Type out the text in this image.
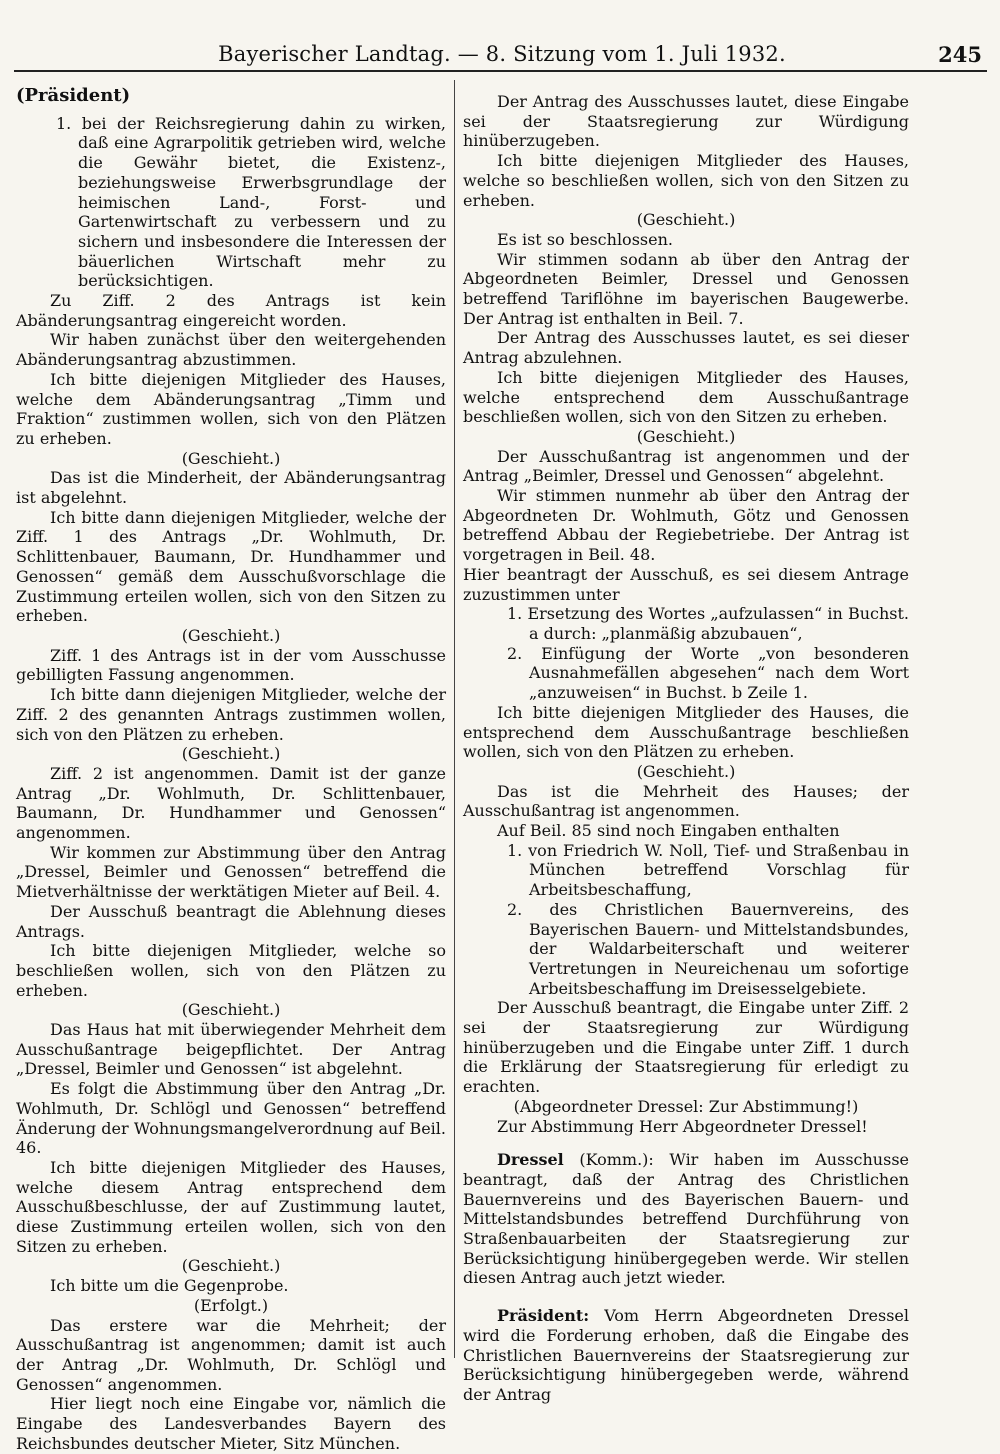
Bayerischer Landtag. — 8. Sitzung vom 1. Juli 1932.	245

(Präsident)

1. bei der Reichsregierung dahin zu wirken, daß eine Agrarpolitik getrieben wird, welche die Gewähr bietet, die Existenz-, beziehungsweise Erwerbsgrundlage der heimischen Land-, Forst- und Gartenwirtschaft zu verbessern und zu sichern und insbesondere die Interessen der bäuerlichen Wirtschaft mehr zu berücksichtigen.

Zu Ziff. 2 des Antrags ist kein Abänderungsantrag eingereicht worden.

Wir haben zunächst über den weitergehenden Abänderungsantrag abzustimmen.

Ich bitte diejenigen Mitglieder des Hauses, welche dem Abänderungsantrag „Timm und Fraktion“ zustimmen wollen, sich von den Plätzen zu erheben.

(Geschieht.)

Das ist die Minderheit, der Abänderungsantrag ist abgelehnt.

Ich bitte dann diejenigen Mitglieder, welche der Ziff. 1 des Antrags „Dr. Wohlmuth, Dr. Schlittenbauer, Baumann, Dr. Hundhammer und Genossen“ gemäß dem Ausschußvorschlage die Zustimmung erteilen wollen, sich von den Sitzen zu erheben.

(Geschieht.)

Ziff. 1 des Antrags ist in der vom Ausschusse gebilligten Fassung angenommen.

Ich bitte dann diejenigen Mitglieder, welche der Ziff. 2 des genannten Antrags zustimmen wollen, sich von den Plätzen zu erheben.

(Geschieht.)

Ziff. 2 ist angenommen. Damit ist der ganze Antrag „Dr. Wohlmuth, Dr. Schlittenbauer, Baumann, Dr. Hundhammer und Genossen“ angenommen.

Wir kommen zur Abstimmung über den Antrag „Dressel, Beimler und Genossen“ betreffend die Mietverhältnisse der werktätigen Mieter auf Beil. 4.

Der Ausschuß beantragt die Ablehnung dieses Antrags.

Ich bitte diejenigen Mitglieder, welche so beschließen wollen, sich von den Plätzen zu erheben.

(Geschieht.)

Das Haus hat mit überwiegender Mehrheit dem Ausschußantrage beigepflichtet. Der Antrag „Dressel, Beimler und Genossen“ ist abgelehnt.

Es folgt die Abstimmung über den Antrag „Dr. Wohlmuth, Dr. Schlögl und Genossen“ betreffend Änderung der Wohnungsmangelverordnung auf Beil. 46.

Ich bitte diejenigen Mitglieder des Hauses, welche diesem Antrag entsprechend dem Ausschußbeschlusse, der auf Zustimmung lautet, diese Zustimmung erteilen wollen, sich von den Sitzen zu erheben.

(Geschieht.)

Ich bitte um die Gegenprobe.

(Erfolgt.)

Das erstere war die Mehrheit; der Ausschußantrag ist angenommen; damit ist auch der Antrag „Dr. Wohlmuth, Dr. Schlögl und Genossen“ angenommen.

Hier liegt noch eine Eingabe vor, nämlich die Eingabe des Landesverbandes Bayern des Reichsbundes deutscher Mieter, Sitz München.

Der Antrag des Ausschusses lautet, diese Eingabe sei der Staatsregierung zur Würdigung hinüberzugeben.

Ich bitte diejenigen Mitglieder des Hauses, welche so beschließen wollen, sich von den Sitzen zu erheben.

(Geschieht.)

Es ist so beschlossen.

Wir stimmen sodann ab über den Antrag der Abgeordneten Beimler, Dressel und Genossen betreffend Tariflöhne im bayerischen Baugewerbe. Der Antrag ist enthalten in Beil. 7.

Der Antrag des Ausschusses lautet, es sei dieser Antrag abzulehnen.

Ich bitte diejenigen Mitglieder des Hauses, welche entsprechend dem Ausschußantrage beschließen wollen, sich von den Sitzen zu erheben.

(Geschieht.)

Der Ausschußantrag ist angenommen und der Antrag „Beimler, Dressel und Genossen“ abgelehnt.

Wir stimmen nunmehr ab über den Antrag der Abgeordneten Dr. Wohlmuth, Götz und Genossen betreffend Abbau der Regiebetriebe. Der Antrag ist vorgetragen in Beil. 48.

Hier beantragt der Ausschuß, es sei diesem Antrage zuzustimmen unter

1. Ersetzung des Wortes „aufzulassen“ in Buchst. a durch: „planmäßig abzubauen“,
2. Einfügung der Worte „von besonderen Ausnahmefällen abgesehen“ nach dem Wort „anzuweisen“ in Buchst. b Zeile 1.

Ich bitte diejenigen Mitglieder des Hauses, die entsprechend dem Ausschußantrage beschließen wollen, sich von den Plätzen zu erheben.

(Geschieht.)

Das ist die Mehrheit des Hauses; der Ausschußantrag ist angenommen.

Auf Beil. 85 sind noch Eingaben enthalten

1. von Friedrich W. Noll, Tief- und Straßenbau in München betreffend Vorschlag für Arbeitsbeschaffung,
2. des Christlichen Bauernvereins, des Bayerischen Bauern- und Mittelstandsbundes, der Waldarbeiterschaft und weiterer Vertretungen in Neureichenau um sofortige Arbeitsbeschaffung im Dreisesselgebiete.

Der Ausschuß beantragt, die Eingabe unter Ziff. 2 sei der Staatsregierung zur Würdigung hinüberzugeben und die Eingabe unter Ziff. 1 durch die Erklärung der Staatsregierung für erledigt zu erachten.

(Abgeordneter Dressel: Zur Abstimmung!)

Zur Abstimmung Herr Abgeordneter Dressel!

Dressel (Komm.): Wir haben im Ausschusse beantragt, daß der Antrag des Christlichen Bauernvereins und des Bayerischen Bauern- und Mittelstandsbundes betreffend Durchführung von Straßenbauarbeiten der Staatsregierung zur Berücksichtigung hinübergegeben werde. Wir stellen diesen Antrag auch jetzt wieder.

Präsident: Vom Herrn Abgeordneten Dressel wird die Forderung erhoben, daß die Eingabe des Christlichen Bauernvereins der Staatsregierung zur Berücksichtigung hinübergegeben werde, während der Antrag
